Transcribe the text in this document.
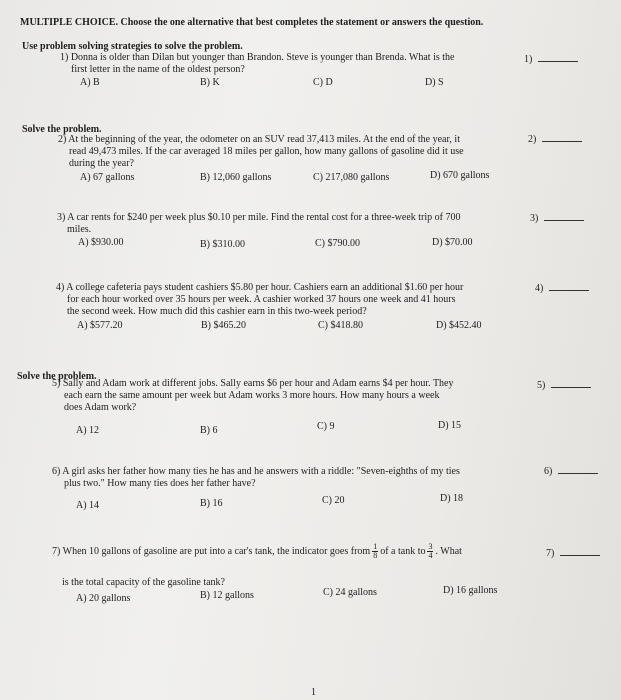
MULTIPLE CHOICE. Choose the one alternative that best completes the statement or answers the question.
Use problem solving strategies to solve the problem.
1) Donna is older than Dilan but younger than Brandon. Steve is younger than Brenda. What is the
first letter in the name of the oldest person?
A) B	B) K	C) D	D) S
1)
Solve the problem.
2) At the beginning of the year, the odometer on an SUV read 37,413 miles. At the end of the year, it
read 49,473 miles. If the car averaged 18 miles per gallon, how many gallons of gasoline did it use
during the year?
A) 67 gallons	B) 12,060 gallons	C) 217,080 gallons	D) 670 gallons
2)
3) A car rents for $240 per week plus $0.10 per mile. Find the rental cost for a three-week trip of 700
miles.
A) $930.00	B) $310.00	C) $790.00	D) $70.00
3)
4) A college cafeteria pays student cashiers $5.80 per hour. Cashiers earn an additional $1.60 per hour
for each hour worked over 35 hours per week. A cashier worked 37 hours one week and 41 hours
the second week. How much did this cashier earn in this two-week period?
A) $577.20	B) $465.20	C) $418.80	D) $452.40
4)
Solve the problem.
5) Sally and Adam work at different jobs. Sally earns $6 per hour and Adam earns $4 per hour. They
each earn the same amount per week but Adam works 3 more hours. How many hours a week
does Adam work?
A) 12	B) 6	C) 9	D) 15
5)
6) A girl asks her father how many ties he has and he answers with a riddle: "Seven-eighths of my ties
plus two." How many ties does her father have?
A) 14	B) 16	C) 20	D) 18
6)
7) When 10 gallons of gasoline are put into a car's tank, the indicator goes from $\frac{1}{8}$ of a tank to $\frac{3}{4}$ . What
is the total capacity of the gasoline tank?
A) 20 gallons	B) 12 gallons	C) 24 gallons	D) 16 gallons
7)
1
